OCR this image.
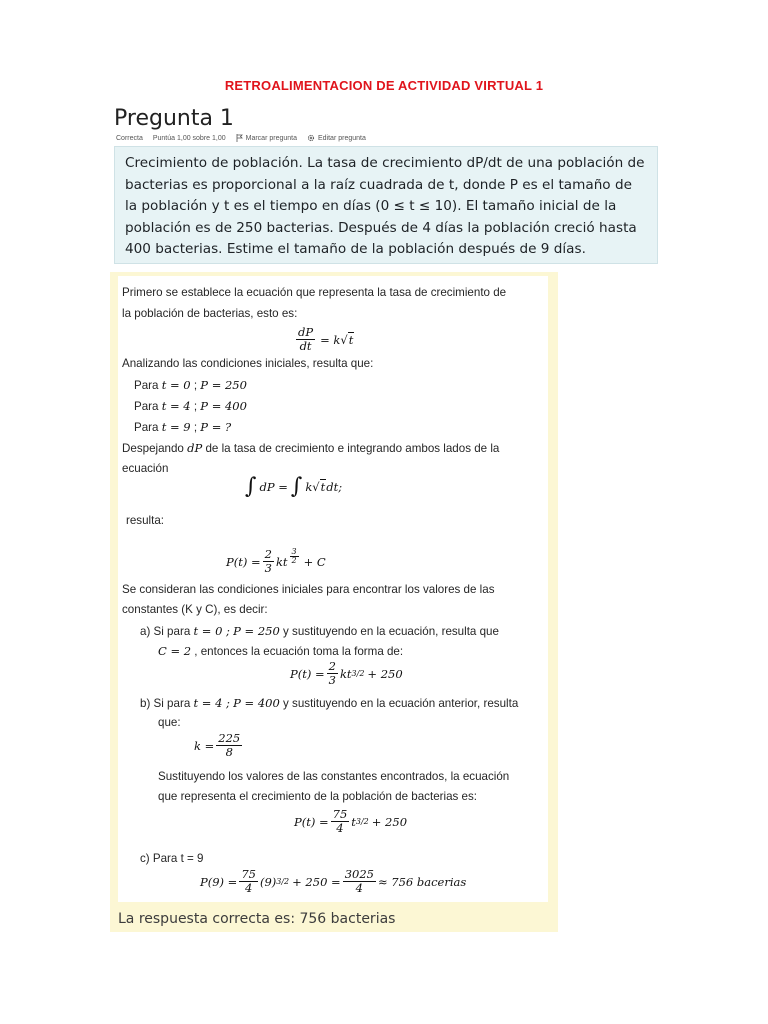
RETROALIMENTACION DE ACTIVIDAD VIRTUAL 1
Pregunta 1
Correcta Puntúa 1,00 sobre 1,00	Marcar pregunta	Editar pregunta

Crecimiento de población. La tasa de crecimiento dP/dt de una población de bacterias es proporcional a la raíz cuadrada de t, donde P es el tamaño de la población y t es el tiempo en días (0 ≤ t ≤ 10). El tamaño inicial de la población es de 250 bacterias. Después de 4 días la población creció hasta 400 bacterias. Estime el tamaño de la población después de 9 días.

Primero se establece la ecuación que representa la tasa de crecimiento de
la población de bacterias, esto es:
$\frac{dP}{dt} = k$ √t
Analizando las condiciones iniciales, resulta que:
Para t = 0 ; P = 250
Para t = 4 ; P = 400
Para t = 9 ; P = ?
Despejando dP de la tasa de crecimiento e integrando ambos lados de la
ecuación
∫ dP = ∫ k √t dt;
resulta:
$P(t) = \frac{2}{3}$ kt $\frac{3}{2} + C$
Se consideran las condiciones iniciales para encontrar los valores de las
constantes (K y C), es decir:
a) Si para t = 0 ; P = 250 y sustituyendo en la ecuación, resulta que
C = 2 , entonces la ecuación toma la forma de:
$P(t) = \frac{2}{3}$ kt 3/2 + 250
b) Si para t = 4 ; P = 400 y sustituyendo en la ecuación anterior, resulta
que:
$k = \frac{225}{8}$
Sustituyendo los valores de las constantes encontrados, la ecuación
que representa el crecimiento de la población de bacterias es:
$P(t) = \frac{75}{4}$ t 3/2 + 250
c) Para t = 9
$P(9) = \frac{75}{4} (9) 3/2 + 250 = \frac{3025}{4} \approx 756$ bacerias
La respuesta correcta es: 756 bacterias
